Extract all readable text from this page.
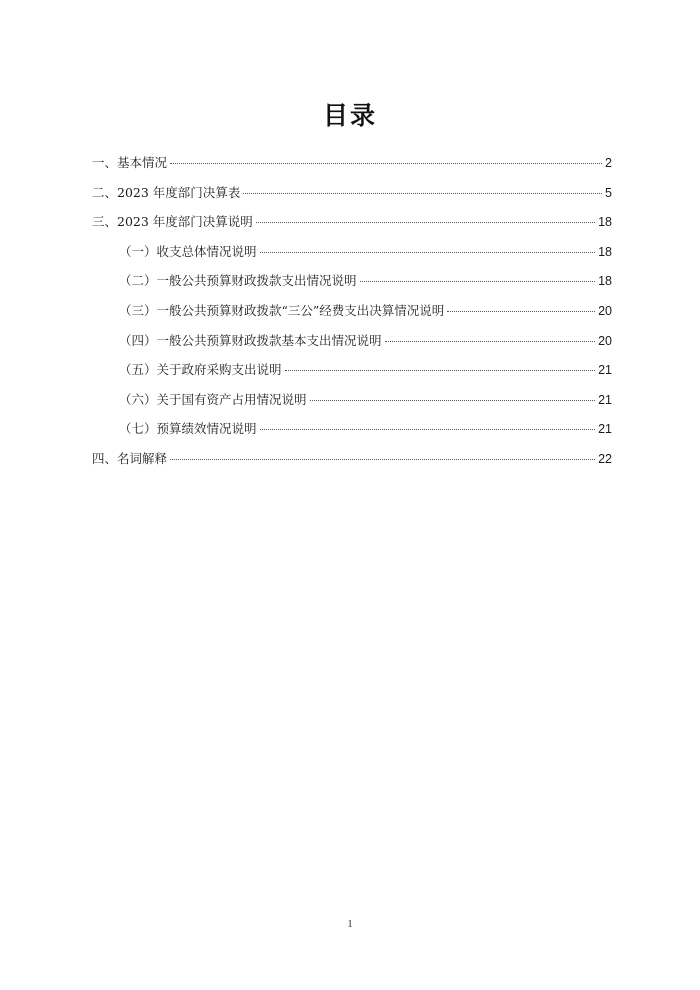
目录
一、基本情况	2
二、2023 年度部门决算表	5
三、2023 年度部门决算说明	18
（一）收支总体情况说明	18
（二）一般公共预算财政拨款支出情况说明	18
（三）一般公共预算财政拨款“三公”经费支出决算情况说明	20
（四）一般公共预算财政拨款基本支出情况说明	20
（五）关于政府采购支出说明	21
（六）关于国有资产占用情况说明	21
（七）预算绩效情况说明	21
四、名词解释	22
1
